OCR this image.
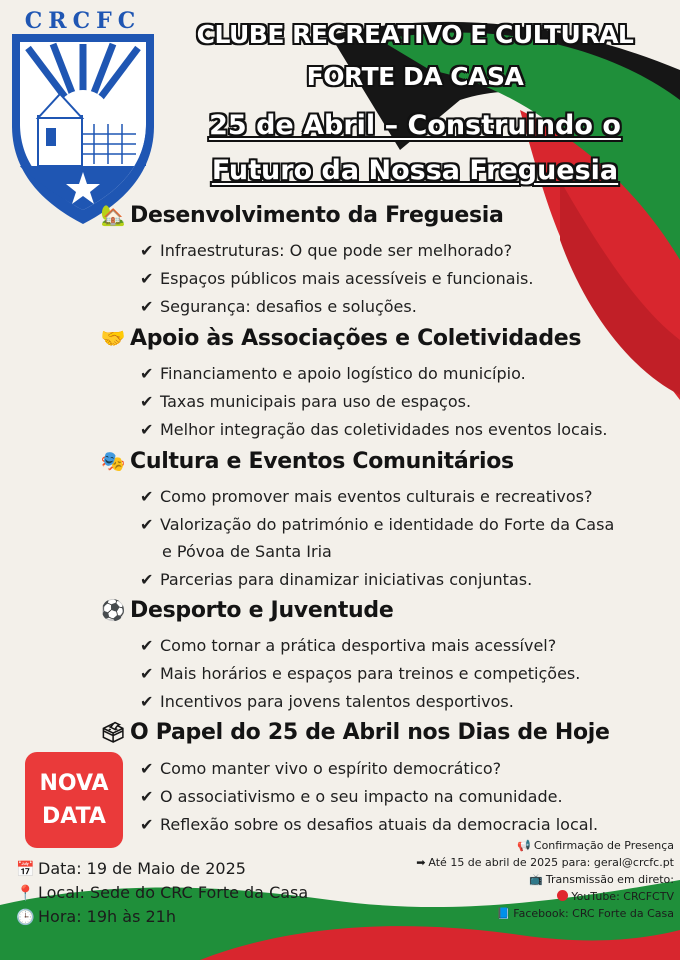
CRCFC	CLUBE RECREATIVO E CULTURAL
FORTE DA CASA
25 de Abril – Construindo o
Futuro da Nossa Freguesia
🏡 Desenvolvimento da Freguesia
✔ Infraestruturas: O que pode ser melhorado?
✔ Espaços públicos mais acessíveis e funcionais.
✔ Segurança: desafios e soluções.
🤝 Apoio às Associações e Coletividades
✔ Financiamento e apoio logístico do município.
✔ Taxas municipais para uso de espaços.
✔ Melhor integração das coletividades nos eventos locais.
🎭 Cultura e Eventos Comunitários
✔ Como promover mais eventos culturais e recreativos?
✔ Valorização do património e identidade do Forte da Casa
e Póvoa de Santa Iria
✔ Parcerias para dinamizar iniciativas conjuntas.
⚽ Desporto e Juventude
✔ Como tornar a prática desportiva mais acessível?
✔ Mais horários e espaços para treinos e competições.
✔ Incentivos para jovens talentos desportivos.
🗳 O Papel do 25 de Abril nos Dias de Hoje
✔ Como manter vivo o espírito democrático?
✔ O associativismo e o seu impacto na comunidade.
✔ Reflexão sobre os desafios atuais da democracia local.
NOVA
DATA
📅 Data: 19 de Maio de 2025
📍 Local: Sede do CRC Forte da Casa
🕒 Hora: 19h às 21h
📢 Confirmação de Presença
➡ Até 15 de abril de 2025 para: geral@crcfc.pt
📺 Transmissão em direto:
YouTube: CRCFCTV
📘 Facebook: CRC Forte da Casa
